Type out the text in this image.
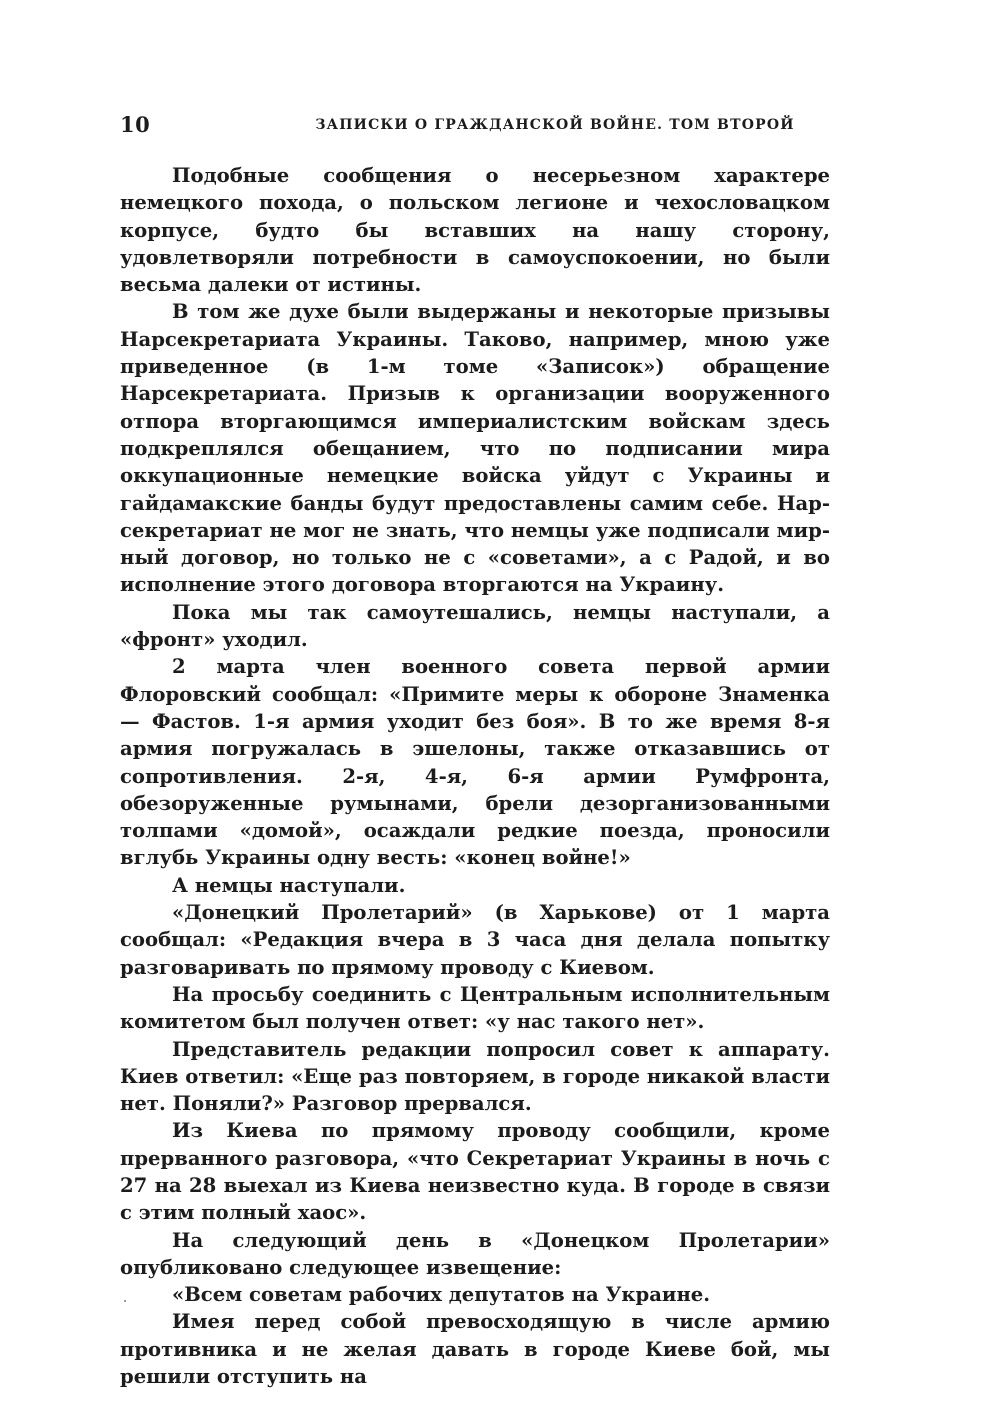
10	ЗАПИСКИ О ГРАЖДАНСКОЙ ВОЙНЕ. ТОМ ВТОРОЙ

Подобные сообщения о несерьезном характере немецкого похода, о польском легионе и чехословацком корпусе, будто бы вставших на нашу сторону, удовлетворяли потребности в самоуспокоении, но были весьма далеки от истины.

В том же духе были выдержаны и некоторые призывы Нарсекретариата Украины. Таково, например, мною уже приведенное (в 1-м томе «Записок») обращение Нарсекретариата. Призыв к организации вооруженного отпора вторгающимся империалистским войскам здесь подкреплялся обещанием, что по подписании мира оккупационные немецкие войска уйдут с Украины и гайдамакские банды будут предоставлены самим себе. Нарсекретариат не мог не знать, что немцы уже подписали мирный договор, но только не с «советами», а с Радой, и во исполнение этого договора вторгаются на Украину.

Пока мы так самоутешались, немцы наступали, а «фронт» уходил.

2 марта член военного совета первой армии Флоровский сообщал: «Примите меры к обороне Знаменка — Фастов. 1-я армия уходит без боя». В то же время 8-я армия погружалась в эшелоны, также отказавшись от сопротивления. 2-я, 4-я, 6-я армии Румфронта, обезоруженные румынами, брели дезорганизованными толпами «домой», осаждали редкие поезда, проносили вглубь Украины одну весть: «конец войне!»

А немцы наступали.

«Донецкий Пролетарий» (в Харькове) от 1 марта сообщал: «Редакция вчера в 3 часа дня делала попытку разговаривать по прямому проводу с Киевом.

На просьбу соединить с Центральным исполнительным комитетом был получен ответ: «у нас такого нет».

Представитель редакции попросил совет к аппарату. Киев ответил: «Еще раз повторяем, в городе никакой власти нет. Поняли?» Разговор прервался.

Из Киева по прямому проводу сообщили, кроме прерванного разговора, «что Секретариат Украины в ночь с 27 на 28 выехал из Киева неизвестно куда. В городе в связи с этим полный хаос».

На следующий день в «Донецком Пролетарии» опубликовано следующее извещение:

«Всем советам рабочих депутатов на Украине.

Имея перед собой превосходящую в числе армию противника и не желая давать в городе Киеве бой, мы решили отступить на
